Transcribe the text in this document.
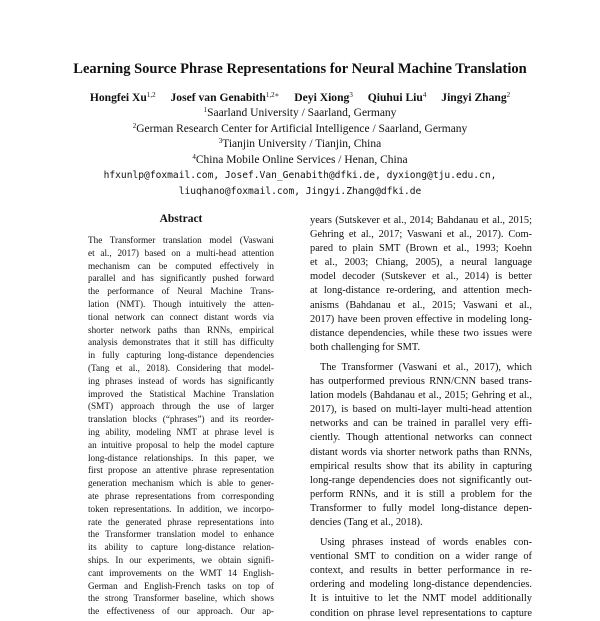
Learning Source Phrase Representations for Neural Machine Translation
Hongfei Xu$^{1,2}$ Josef van Genabith$^{1,2∗}$ Deyi Xiong$^3$ Qiuhui Liu$^4$ Jingyi Zhang$^2$
$^1$Saarland University / Saarland, Germany
$^2$German Research Center for Artificial Intelligence / Saarland, Germany
$^3$Tianjin University / Tianjin, China
$^4$China Mobile Online Services / Henan, China
hfxunlp@foxmail.com, Josef.Van_Genabith@dfki.de, dyxiong@tju.edu.cn,
liuqhano@foxmail.com, Jingyi.Zhang@dfki.de
Abstract
The Transformer translation model (Vaswani
et al., 2017) based on a multi-head attention
mechanism can be computed effectively in
parallel and has significantly pushed forward
the performance of Neural Machine Trans-
lation (NMT). Though intuitively the atten-
tional network can connect distant words via
shorter network paths than RNNs, empirical
analysis demonstrates that it still has difficulty
in fully capturing long-distance dependencies
(Tang et al., 2018). Considering that model-
ing phrases instead of words has significantly
improved the Statistical Machine Translation
(SMT) approach through the use of larger
translation blocks (“phrases”) and its reorder-
ing ability, modeling NMT at phrase level is
an intuitive proposal to help the model capture
long-distance relationships. In this paper, we
first propose an attentive phrase representation
generation mechanism which is able to gener-
ate phrase representations from corresponding
token representations. In addition, we incorpo-
rate the generated phrase representations into
the Transformer translation model to enhance
its ability to capture long-distance relation-
ships. In our experiments, we obtain signifi-
cant improvements on the WMT 14 English-
German and English-French tasks on top of
the strong Transformer baseline, which shows
the effectiveness of our approach. Our ap-
years (Sutskever et al., 2014; Bahdanau et al., 2015;
Gehring et al., 2017; Vaswani et al., 2017). Com-
pared to plain SMT (Brown et al., 1993; Koehn
et al., 2003; Chiang, 2005), a neural language
model decoder (Sutskever et al., 2014) is better
at long-distance re-ordering, and attention mech-
anisms (Bahdanau et al., 2015; Vaswani et al.,
2017) have been proven effective in modeling long-
distance dependencies, while these two issues were
both challenging for SMT.
The Transformer (Vaswani et al., 2017), which
has outperformed previous RNN/CNN based trans-
lation models (Bahdanau et al., 2015; Gehring et al.,
2017), is based on multi-layer multi-head attention
networks and can be trained in parallel very effi-
ciently. Though attentional networks can connect
distant words via shorter network paths than RNNs,
empirical results show that its ability in capturing
long-range dependencies does not significantly out-
perform RNNs, and it is still a problem for the
Transformer to fully model long-distance depen-
dencies (Tang et al., 2018).
Using phrases instead of words enables con-
ventional SMT to condition on a wider range of
context, and results in better performance in re-
ordering and modeling long-distance dependencies.
It is intuitive to let the NMT model additionally
condition on phrase level representations to capture
